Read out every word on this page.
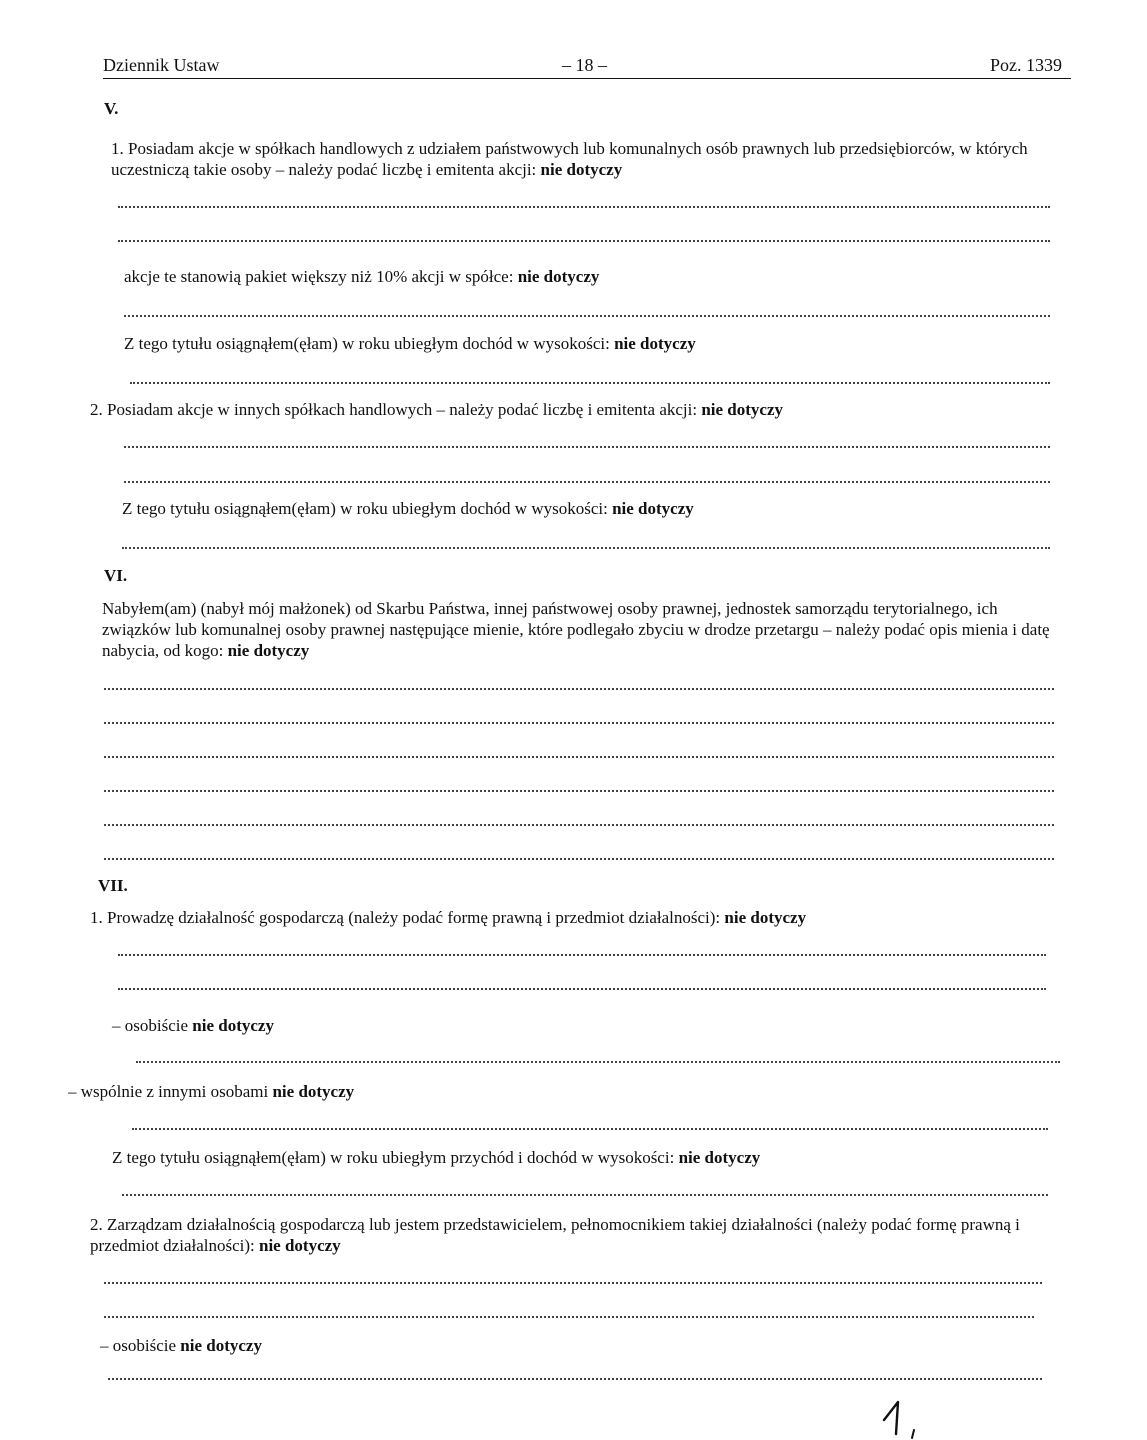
Dziennik Ustaw	– 18 –	Poz. 1339
V.
1. Posiadam akcje w spółkach handlowych z udziałem państwowych lub komunalnych osób prawnych lub przedsiębiorców, w których uczestniczą takie osoby – należy podać liczbę i emitenta akcji: nie dotyczy
akcje te stanowią pakiet większy niż 10% akcji w spółce: nie dotyczy
Z tego tytułu osiągnąłem(ęłam) w roku ubiegłym dochód w wysokości: nie dotyczy
2. Posiadam akcje w innych spółkach handlowych – należy podać liczbę i emitenta akcji: nie dotyczy
Z tego tytułu osiągnąłem(ęłam) w roku ubiegłym dochód w wysokości: nie dotyczy
VI.
Nabyłem(am) (nabył mój małżonek) od Skarbu Państwa, innej państwowej osoby prawnej, jednostek samorządu terytorialnego, ich związków lub komunalnej osoby prawnej następujące mienie, które podlegało zbyciu w drodze przetargu – należy podać opis mienia i datę nabycia, od kogo: nie dotyczy
VII.
1. Prowadzę działalność gospodarczą (należy podać formę prawną i przedmiot działalności): nie dotyczy
– osobiście nie dotyczy
– wspólnie z innymi osobami nie dotyczy
Z tego tytułu osiągnąłem(ęłam) w roku ubiegłym przychód i dochód w wysokości: nie dotyczy
2. Zarządzam działalnością gospodarczą lub jestem przedstawicielem, pełnomocnikiem takiej działalności (należy podać formę prawną i przedmiot działalności): nie dotyczy
– osobiście nie dotyczy
